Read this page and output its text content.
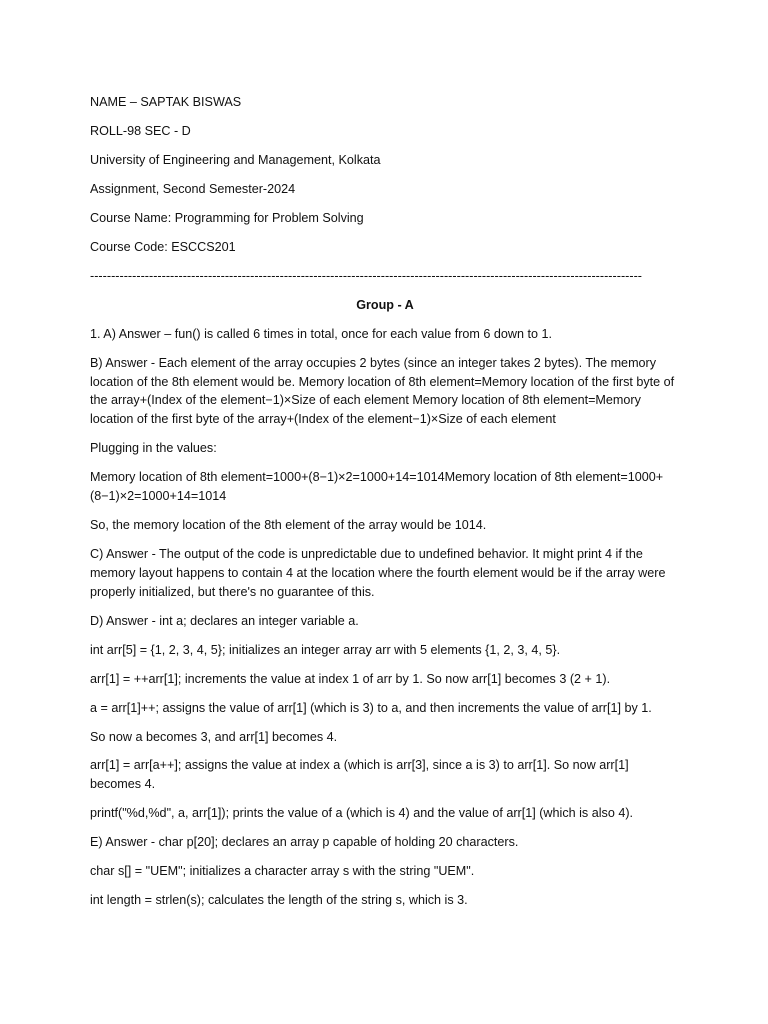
NAME – SAPTAK BISWAS

ROLL-98 SEC - D

University of Engineering and Management, Kolkata

Assignment, Second Semester-2024

Course Name: Programming for Problem Solving

Course Code: ESCCS201

-----------------------------------------------------------------------------------------------------------------------------------

Group - A

1. A) Answer – fun() is called 6 times in total, once for each value from 6 down to 1.

B) Answer - Each element of the array occupies 2 bytes (since an integer takes 2 bytes). The memory location of the 8th element would be. Memory location of 8th element=Memory location of the first byte of the array+(Index of the element−1)×Size of each element Memory location of 8th element=Memory location of the first byte of the array+(Index of the element−1)×Size of each element

Plugging in the values:

Memory location of 8th element=1000+(8−1)×2=1000+14=1014Memory location of 8th element=1000+(8−1)×2=1000+14=1014

So, the memory location of the 8th element of the array would be 1014.

C) Answer - The output of the code is unpredictable due to undefined behavior. It might print 4 if the memory layout happens to contain 4 at the location where the fourth element would be if the array were properly initialized, but there's no guarantee of this.

D) Answer - int a; declares an integer variable a.

int arr[5] = {1, 2, 3, 4, 5}; initializes an integer array arr with 5 elements {1, 2, 3, 4, 5}.

arr[1] = ++arr[1]; increments the value at index 1 of arr by 1. So now arr[1] becomes 3 (2 + 1).

a = arr[1]++; assigns the value of arr[1] (which is 3) to a, and then increments the value of arr[1] by 1.

So now a becomes 3, and arr[1] becomes 4.

arr[1] = arr[a++]; assigns the value at index a (which is arr[3], since a is 3) to arr[1]. So now arr[1] becomes 4.

printf("%d,%d", a, arr[1]); prints the value of a (which is 4) and the value of arr[1] (which is also 4).

E) Answer - char p[20]; declares an array p capable of holding 20 characters.

char s[] = "UEM"; initializes a character array s with the string "UEM".

int length = strlen(s); calculates the length of the string s, which is 3.
